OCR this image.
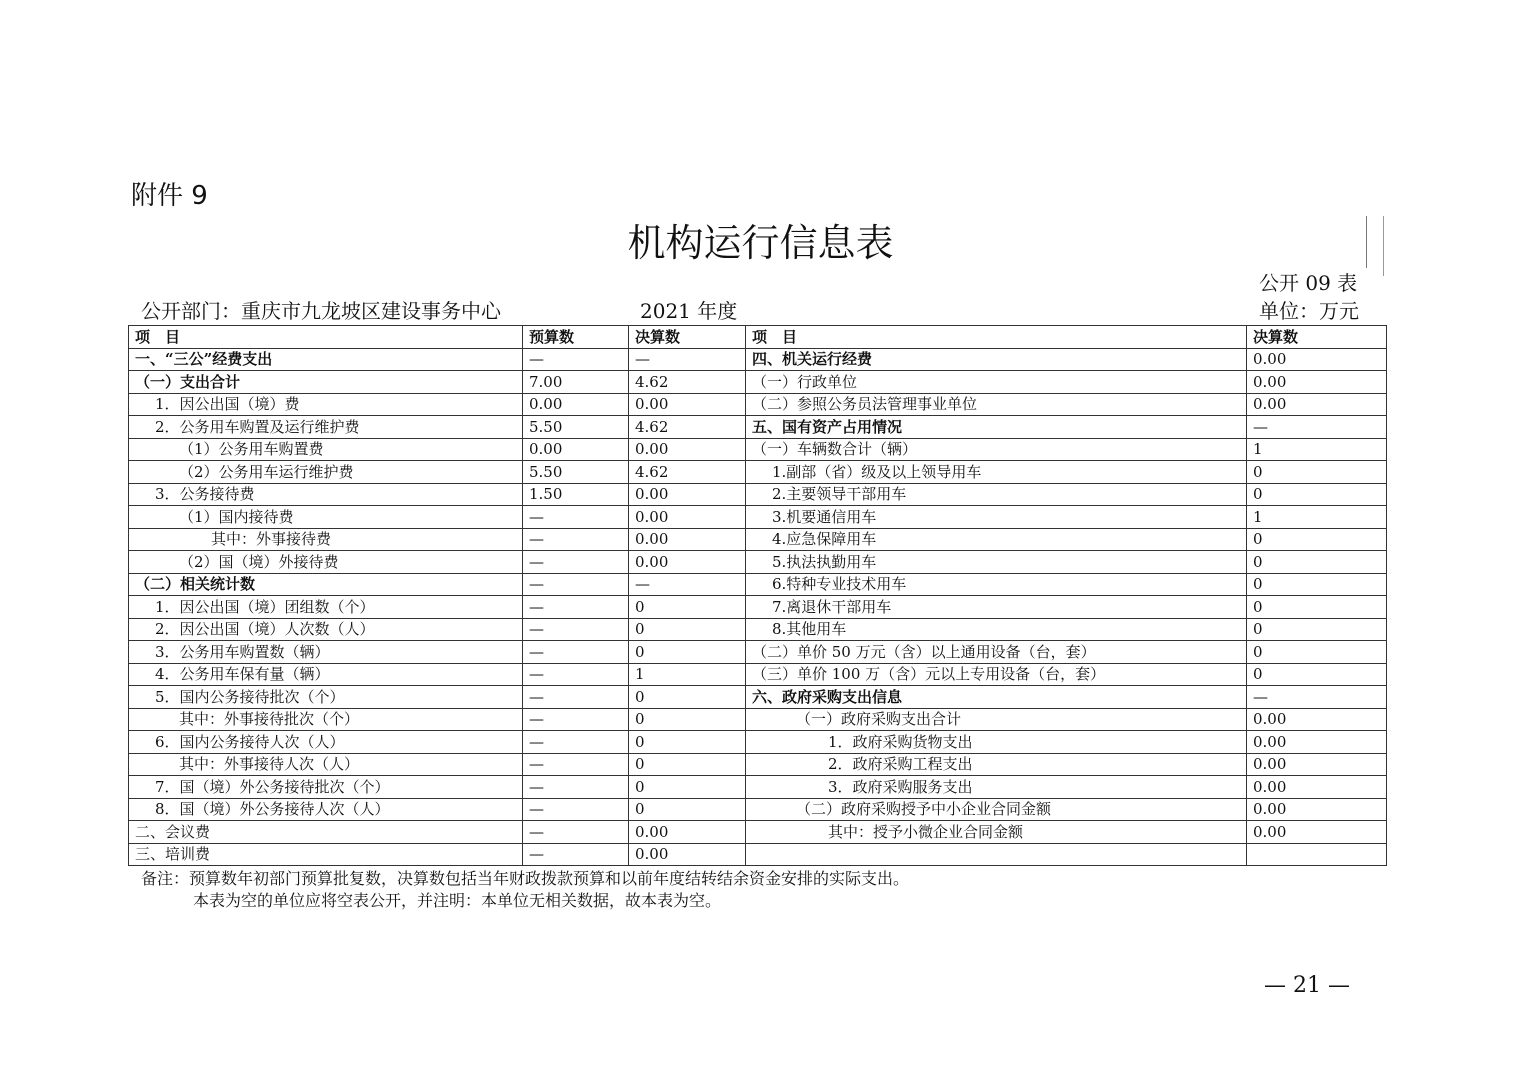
附件 9
机构运行信息表
公开 09 表
公开部门：重庆市九龙坡区建设事务中心	2021 年度	单位：万元
项　目	预算数	决算数	项　目	决算数
一、“三公”经费支出	—	—	四、机关运行经费	0.00
（一）支出合计	7.00	4.62	（一）行政单位	0.00
1．因公出国（境）费	0.00	0.00	（二）参照公务员法管理事业单位	0.00
2．公务用车购置及运行维护费	5.50	4.62	五、国有资产占用情况	—
（1）公务用车购置费	0.00	0.00	（一）车辆数合计（辆）	1
（2）公务用车运行维护费	5.50	4.62	1.副部（省）级及以上领导用车	0
3．公务接待费	1.50	0.00	2.主要领导干部用车	0
（1）国内接待费	—	0.00	3.机要通信用车	1
其中：外事接待费	—	0.00	4.应急保障用车	0
（2）国（境）外接待费	—	0.00	5.执法执勤用车	0
（二）相关统计数	—	—	6.特种专业技术用车	0
1．因公出国（境）团组数（个）	—	0	7.离退休干部用车	0
2．因公出国（境）人次数（人）	—	0	8.其他用车	0
3．公务用车购置数（辆）	—	0	（二）单价 50 万元（含）以上通用设备（台，套）	0
4．公务用车保有量（辆）	—	1	（三）单价 100 万（含）元以上专用设备（台，套）	0
5．国内公务接待批次（个）	—	0	六、政府采购支出信息	—
其中：外事接待批次（个）	—	0	（一）政府采购支出合计	0.00
6．国内公务接待人次（人）	—	0	1．政府采购货物支出	0.00
其中：外事接待人次（人）	—	0	2．政府采购工程支出	0.00
7．国（境）外公务接待批次（个）	—	0	3．政府采购服务支出	0.00
8．国（境）外公务接待人次（人）	—	0	（二）政府采购授予中小企业合同金额	0.00
二、会议费	—	0.00	其中：授予小微企业合同金额	0.00
三、培训费	—	0.00		
备注：预算数年初部门预算批复数，决算数包括当年财政拨款预算和以前年度结转结余资金安排的实际支出。
本表为空的单位应将空表公开，并注明：本单位无相关数据，故本表为空。
— 21 —
